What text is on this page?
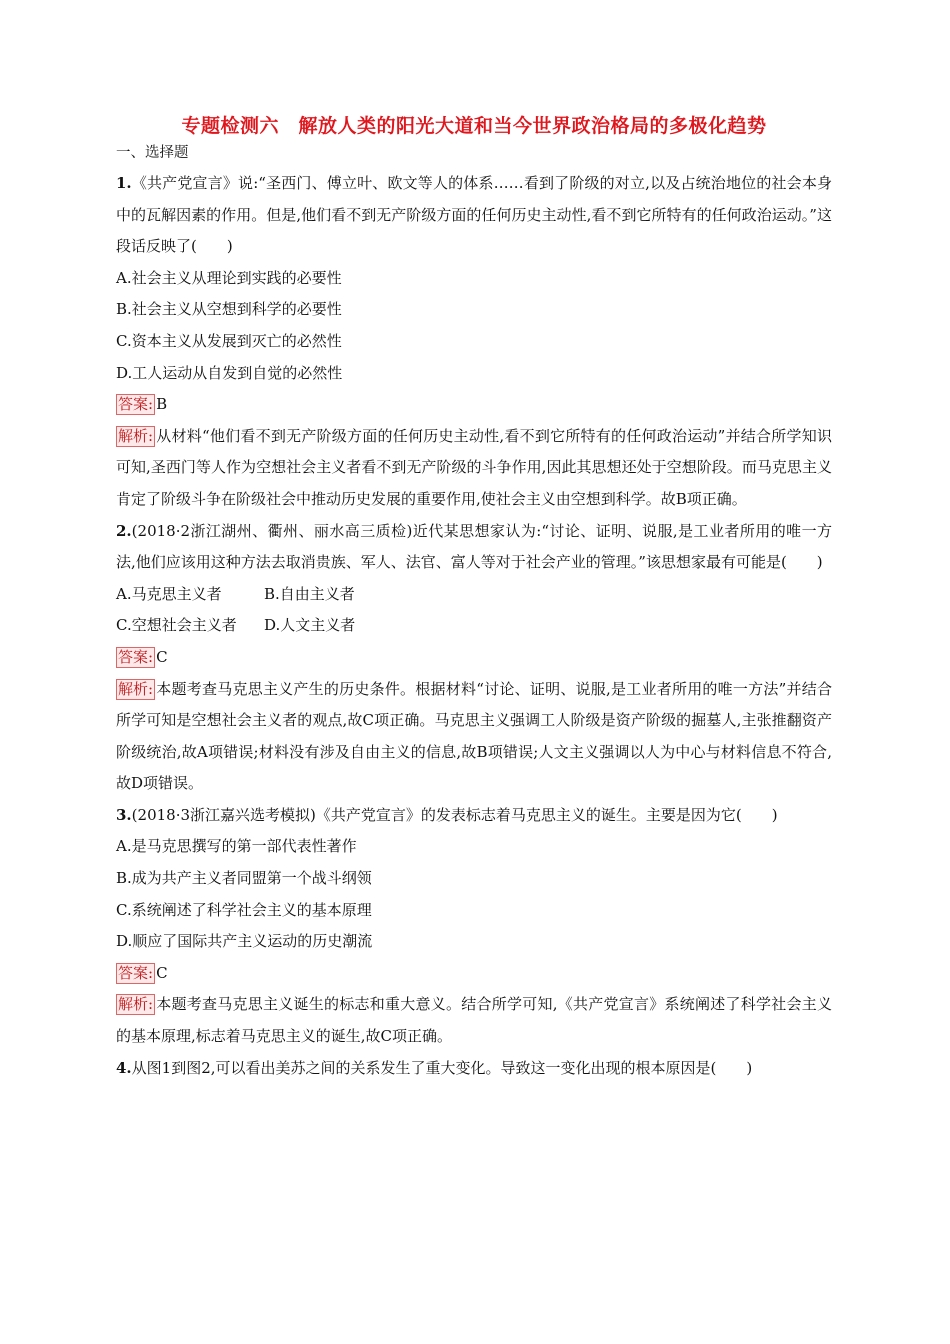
专题检测六　解放人类的阳光大道和当今世界政治格局的多极化趋势
一、选择题

1.《共产党宣言》说:“圣西门、傅立叶、欧文等人的体系……看到了阶级的对立,以及占统治地位的社会本身中的瓦解因素的作用。但是,他们看不到无产阶级方面的任何历史主动性,看不到它所特有的任何政治运动。”这段话反映了(　　)

A.社会主义从理论到实践的必要性

B.社会主义从空想到科学的必要性

C.资本主义从发展到灭亡的必然性

D.工人运动从自发到自觉的必然性

答案: B

解析: 从材料“他们看不到无产阶级方面的任何历史主动性,看不到它所特有的任何政治运动”并结合所学知识可知,圣西门等人作为空想社会主义者看不到无产阶级的斗争作用,因此其思想还处于空想阶段。而马克思主义肯定了阶级斗争在阶级社会中推动历史发展的重要作用,使社会主义由空想到科学。故B项正确。

2.(2018·2浙江湖州、衢州、丽水高三质检)近代某思想家认为:“讨论、证明、说服,是工业者所用的唯一方法,他们应该用这种方法去取消贵族、军人、法官、富人等对于社会产业的管理。”该思想家最有可能是(　　)

A.马克思主义者	B.自由主义者
C.空想社会主义者	D.人文主义者

答案: C

解析: 本题考查马克思主义产生的历史条件。根据材料“讨论、证明、说服,是工业者所用的唯一方法”并结合所学可知是空想社会主义者的观点,故C项正确。马克思主义强调工人阶级是资产阶级的掘墓人,主张推翻资产阶级统治,故A项错误;材料没有涉及自由主义的信息,故B项错误;人文主义强调以人为中心与材料信息不符合,故D项错误。

3.(2018·3浙江嘉兴选考模拟)《共产党宣言》的发表标志着马克思主义的诞生。主要是因为它(　　)

A.是马克思撰写的第一部代表性著作

B.成为共产主义者同盟第一个战斗纲领

C.系统阐述了科学社会主义的基本原理

D.顺应了国际共产主义运动的历史潮流

答案: C

解析: 本题考查马克思主义诞生的标志和重大意义。结合所学可知,《共产党宣言》系统阐述了科学社会主义的基本原理,标志着马克思主义的诞生,故C项正确。

4.从图1到图2,可以看出美苏之间的关系发生了重大变化。导致这一变化出现的根本原因是(　　)
